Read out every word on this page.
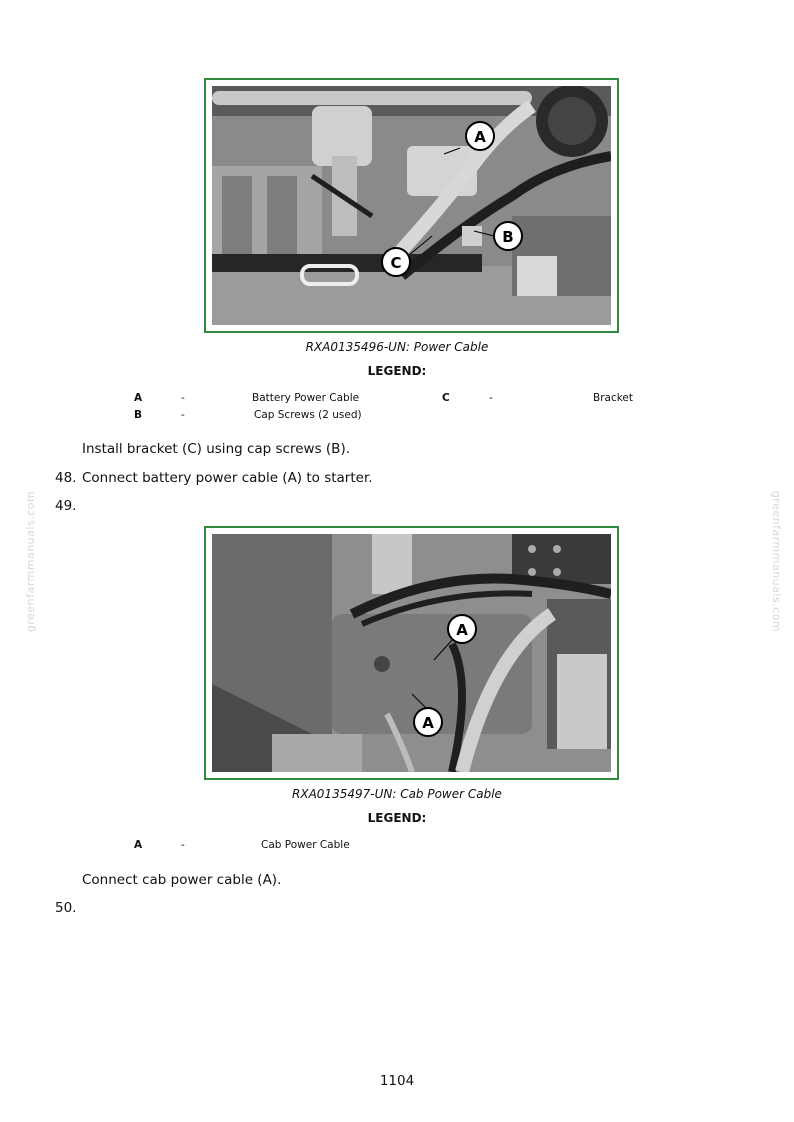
greenfarmmanuals.com	greenfarmmanuals.com
A
B
C
RXA0135496-UN: Power Cable
LEGEND:
A	-	Battery Power Cable
B	-	Cap Screws (2 used)
C	-	Bracket
Install bracket (C) using cap screws (B).
48. Connect battery power cable (A) to starter.
49.
A
A
RXA0135497-UN: Cab Power Cable
LEGEND:
A	-	Cab Power Cable
Connect cab power cable (A).
50.
1104
